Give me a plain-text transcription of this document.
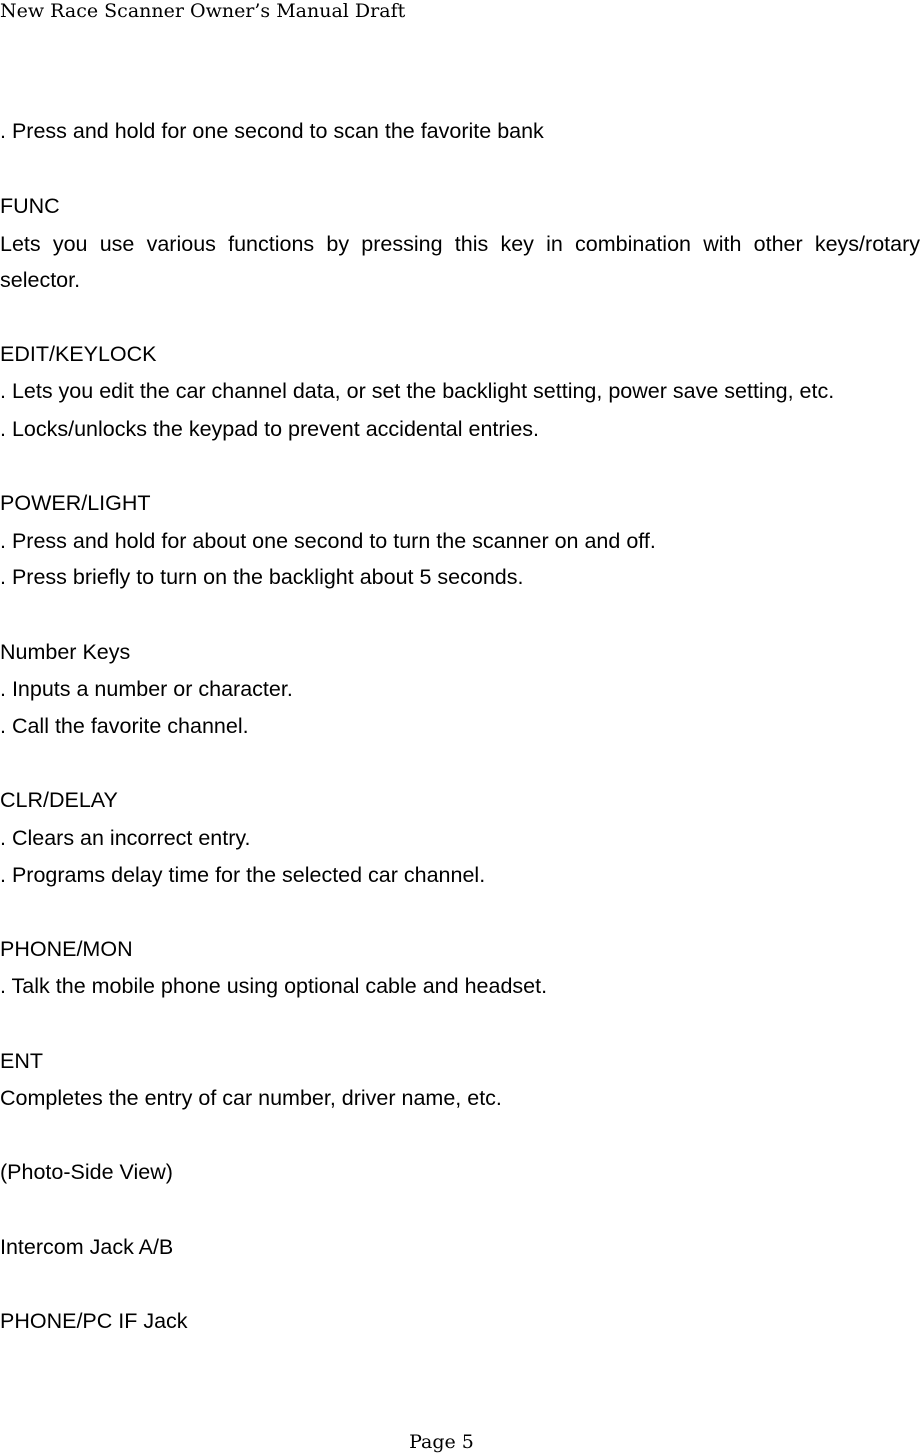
New Race Scanner Owner’s Manual Draft
. Press and hold for one second to scan the favorite bank
FUNC
Lets you use various functions by pressing this key in combination with other keys/rotary
selector.
EDIT/KEYLOCK
. Lets you edit the car channel data, or set the backlight setting, power save setting, etc.
. Locks/unlocks the keypad to prevent accidental entries.
POWER/LIGHT
. Press and hold for about one second to turn the scanner on and off.
. Press briefly to turn on the backlight about 5 seconds.
Number Keys
. Inputs a number or character.
. Call the favorite channel.
CLR/DELAY
. Clears an incorrect entry.
. Programs delay time for the selected car channel.
PHONE/MON
. Talk the mobile phone using optional cable and headset.
ENT
Completes the entry of car number, driver name, etc.
(Photo-Side View)
Intercom Jack A/B
PHONE/PC IF Jack
Page 5
